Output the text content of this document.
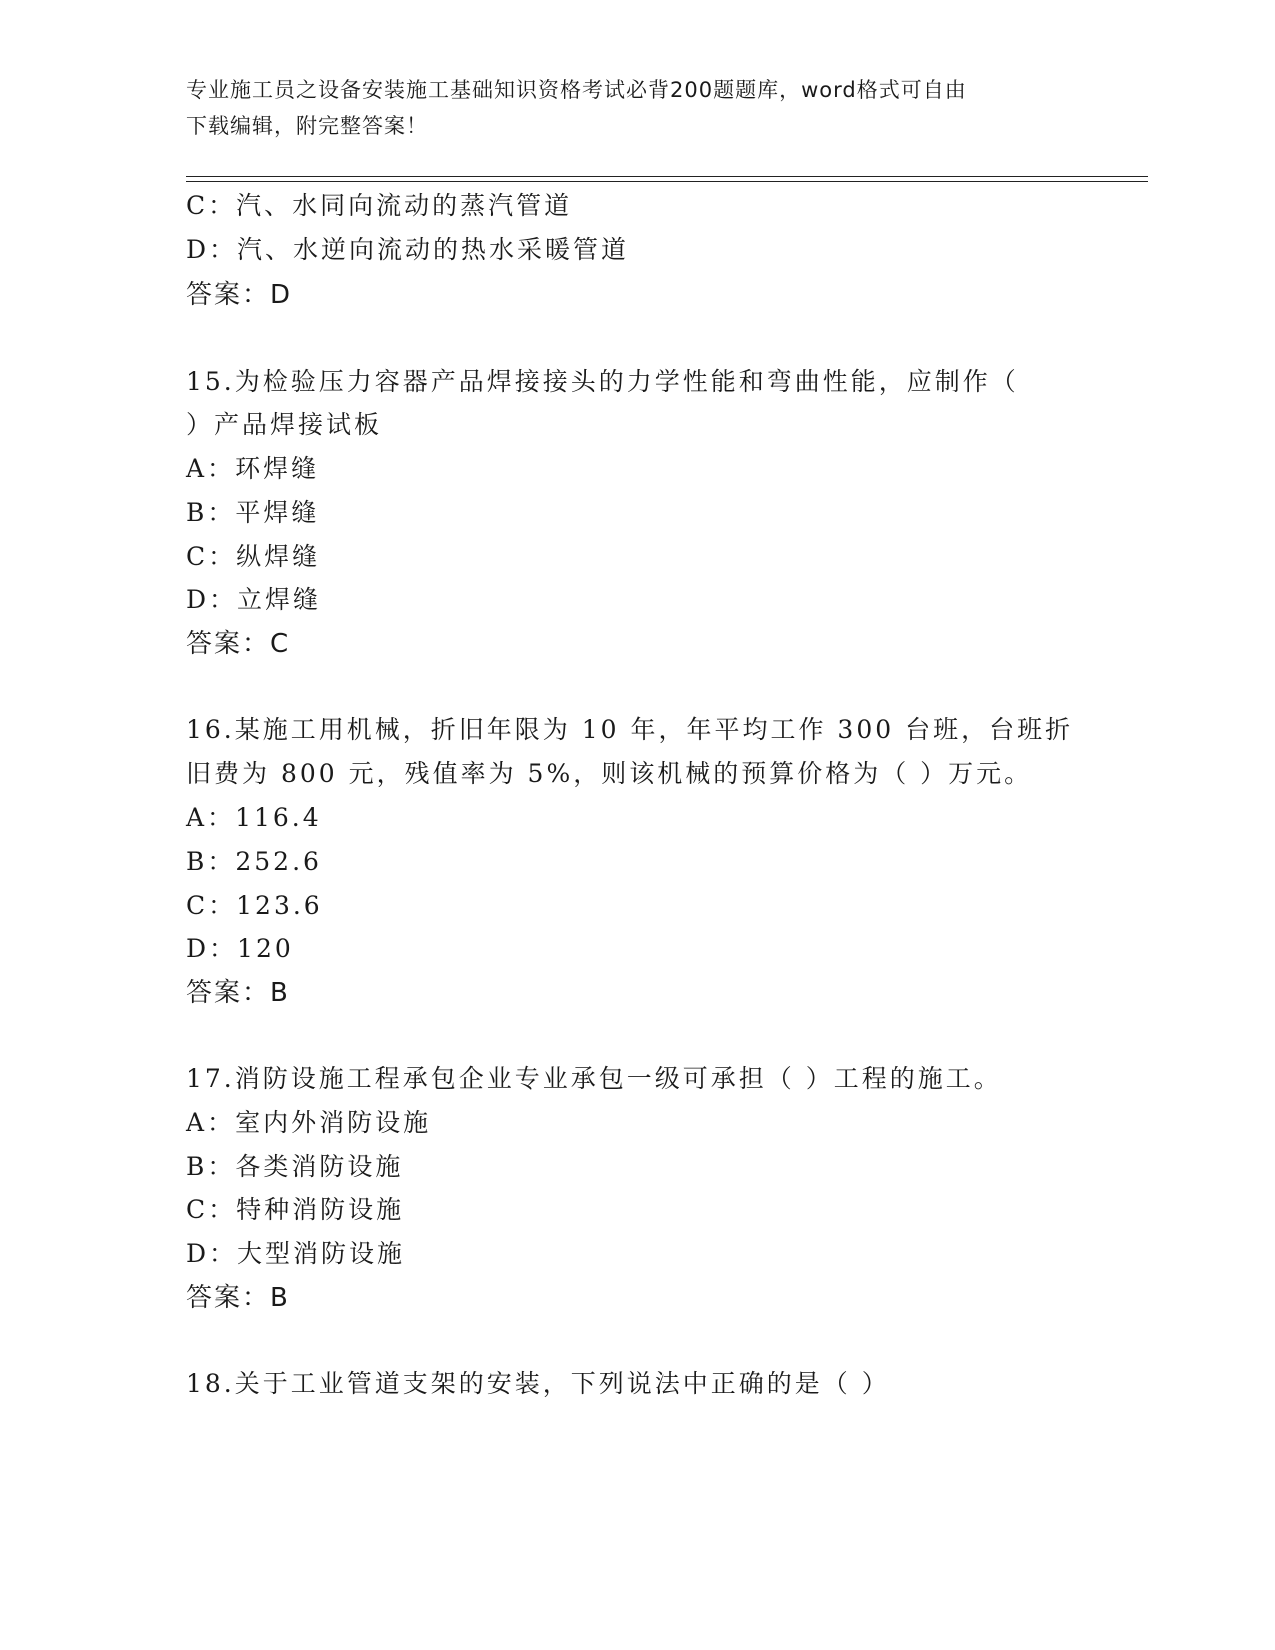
专业施工员之设备安装施工基础知识资格考试必背200题题库，word格式可自由
下载编辑，附完整答案！
C：汽、水同向流动的蒸汽管道
D：汽、水逆向流动的热水采暖管道
答案：D
15.为检验压力容器产品焊接接头的力学性能和弯曲性能，应制作（
）产品焊接试板
A：环焊缝
B：平焊缝
C：纵焊缝
D：立焊缝
答案：C
16.某施工用机械，折旧年限为 10 年，年平均工作 300 台班，台班折
旧费为 800 元，残值率为 5%，则该机械的预算价格为（ ）万元。
A：116.4
B：252.6
C：123.6
D：120
答案：B
17.消防设施工程承包企业专业承包一级可承担（ ）工程的施工。
A：室内外消防设施
B：各类消防设施
C：特种消防设施
D：大型消防设施
答案：B
18.关于工业管道支架的安装，下列说法中正确的是（ ）
